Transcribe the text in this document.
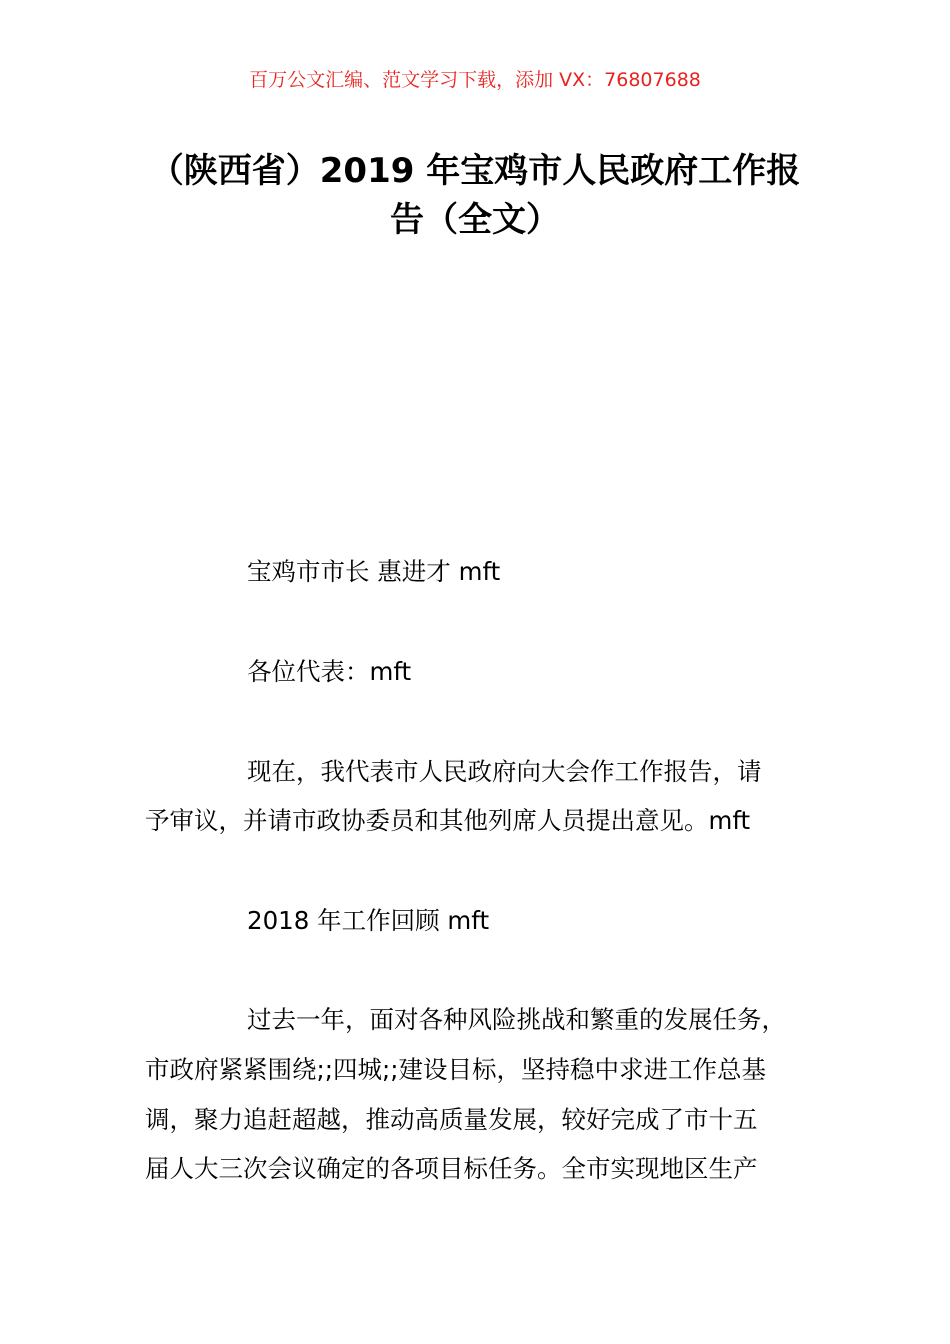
百万公文汇编、范文学习下载，添加 VX：76807688
（陕西省）2019 年宝鸡市人民政府工作报
告（全文）
宝鸡市市长 惠进才 mft
各位代表：mft
现在，我代表市人民政府向大会作工作报告，请
予审议，并请市政协委员和其他列席人员提出意见。mft
2018 年工作回顾 mft
过去一年，面对各种风险挑战和繁重的发展任务，
市政府紧紧围绕;;四城;;建设目标，坚持稳中求进工作总基
调，聚力追赶超越，推动高质量发展，较好完成了市十五
届人大三次会议确定的各项目标任务。全市实现地区生产
